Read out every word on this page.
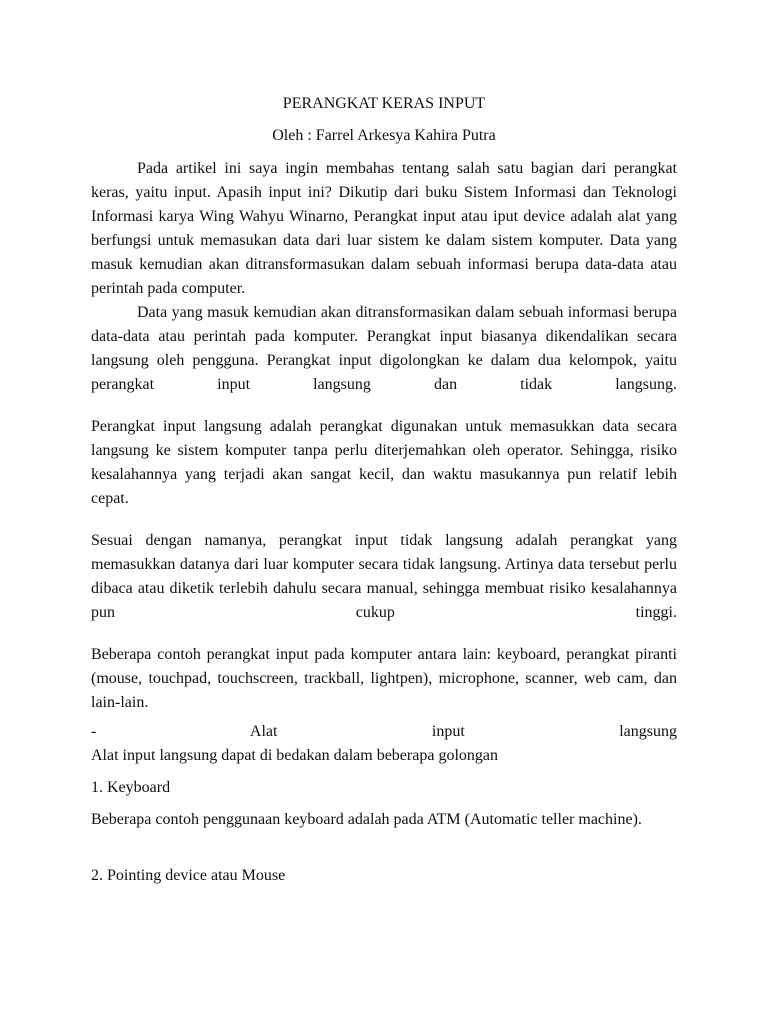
PERANGKAT KERAS INPUT

Oleh : Farrel Arkesya Kahira Putra

Pada artikel ini saya ingin membahas tentang salah satu bagian dari perangkat keras, yaitu input. Apasih input ini? Dikutip dari buku Sistem Informasi dan Teknologi Informasi karya Wing Wahyu Winarno, Perangkat input atau iput device adalah alat yang berfungsi untuk memasukan data dari luar sistem ke dalam sistem komputer. Data yang masuk kemudian akan ditransformasukan dalam sebuah informasi berupa data-data atau perintah pada computer.

Data yang masuk kemudian akan ditransformasikan dalam sebuah informasi berupa data-data atau perintah pada komputer. Perangkat input biasanya dikendalikan secara langsung oleh pengguna. Perangkat input digolongkan ke dalam dua kelompok, yaitu perangkat input langsung dan tidak langsung.

Perangkat input langsung adalah perangkat digunakan untuk memasukkan data secara langsung ke sistem komputer tanpa perlu diterjemahkan oleh operator. Sehingga, risiko kesalahannya yang terjadi akan sangat kecil, dan waktu masukannya pun relatif lebih cepat.

Sesuai dengan namanya, perangkat input tidak langsung adalah perangkat yang memasukkan datanya dari luar komputer secara tidak langsung. Artinya data tersebut perlu dibaca atau diketik terlebih dahulu secara manual, sehingga membuat risiko kesalahannya pun cukup tinggi.

Beberapa contoh perangkat input pada komputer antara lain: keyboard, perangkat piranti (mouse, touchpad, touchscreen, trackball, lightpen), microphone, scanner, web cam, dan lain-lain.

- Alat input langsung

Alat input langsung dapat di bedakan dalam beberapa golongan

1. Keyboard

Beberapa contoh penggunaan keyboard adalah pada ATM (Automatic teller machine).

2. Pointing device atau Mouse
